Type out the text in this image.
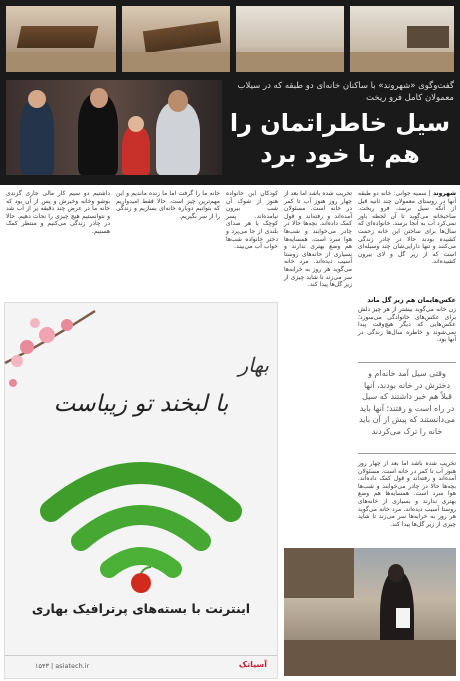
گفت‌وگوی «شهروند» با ساکنان خانه‌ای دو طبقه که در سیلاب معمولان کامل فرو ریخت
سیل خاطراتمان را
هم با خود برد
داشتیم دو سیم کار مالی جاری گزندی بوشو وخانه وخیرش و پس از آن بود که خانه ما در عرض چند دقیقه پر از آب شد و نتوانستیم هیچ چیزی را نجات دهیم. حالا در چادر زندگی می‌کنیم و منتظر کمک هستیم.
خانه ما را گرفت اما ما زنده ماندیم و این مهم‌ترین چیز است. حالا فقط امیدواریم که بتوانیم دوباره خانه‌ای بسازیم و زندگی را از سر بگیریم.
شهروند | سمیه جوانی: خانه دو طبقه آنها در روستای معمولان چند ثانیه قبل از آنکه سیل برسد، فرو ریخت. صاحبخانه می‌گوید تا آن لحظه باور نمی‌کرد آب به آنجا برسد. خانواده‌ای که سال‌ها برای ساختن این خانه زحمت کشیده بودند حالا در چادر زندگی می‌کنند و تنها دارایی‌شان چند وسیله‌ای است که از زیر گل و لای بیرون کشیده‌اند.
عکس‌هایمان هم زیر گل ماند
زن خانه می‌گوید بیشتر از هر چیز دلش برای عکس‌های خانوادگی می‌سوزد؛ عکس‌هایی که دیگر هیچ‌وقت پیدا نمی‌شوند و خاطره سال‌ها زندگی در آنها بود.
وقتی سیل آمد خانه‌ام و دخترش در خانه بودند، آنها قبلاً هم خبر داشتند که سیل در راه است و رفتند؛ آنها باید می‌دانستند که پیش از آن باید خانه را ترک می‌کردند
تخریب شده باشد اما بعد از چهار روز هنوز آب تا کمر در خانه است. مسئولان آمده‌اند و رفته‌اند و قول کمک داده‌اند. بچه‌ها حالا در چادر می‌خوابند و شب‌ها هوا سرد است. همسایه‌ها هم وضع بهتری ندارند و بسیاری از خانه‌های روستا آسیب دیده‌اند. مرد خانه می‌گوید هر روز به خرابه‌ها سر می‌زند تا شاید چیزی از زیر گل‌ها پیدا کند.
تخریب شده باشد اما بعد از چهار روز هنوز آب تا کمر در خانه است. مسئولان آمده‌اند و رفته‌اند و قول کمک داده‌اند. بچه‌ها حالا در چادر می‌خوابند و شب‌ها هوا سرد است. همسایه‌ها هم وضع بهتری ندارند و بسیاری از خانه‌های روستا آسیب دیده‌اند. مرد خانه می‌گوید هر روز به خرابه‌ها سر می‌زند تا شاید چیزی از زیر گل‌ها پیدا کند.
کودکان این خانواده هنوز از شوک آن شب بیرون نیامده‌اند. پسر کوچک با هر صدای بلندی از جا می‌پرد و دختر خانواده شب‌ها خواب آب می‌بیند.
بهار
با لبخند تو زیباست
اینترنت با بسته‌های پرترافیک بهاری
آسیاتک
۱۵۴۳ | asiatech.ir
